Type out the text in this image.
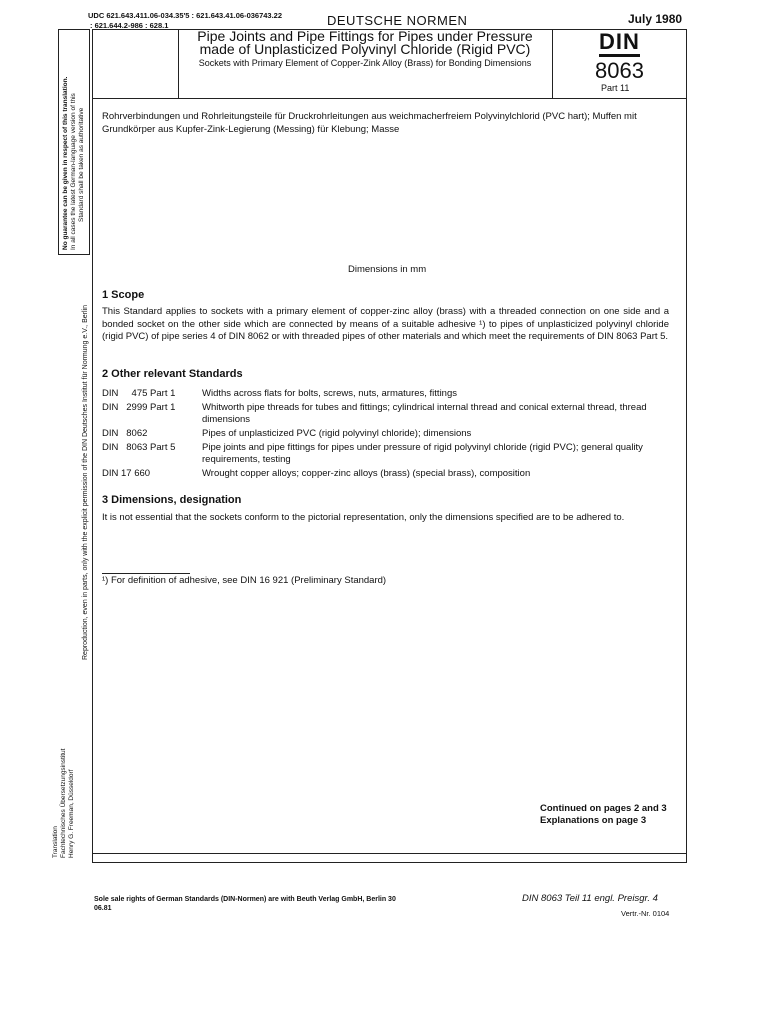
UDC 621.643.411.06-034.35'5 : 621.643.41.06-036743.22
: 621.644.2-986 : 628.1	DEUTSCHE NORMEN	July 1980
Pipe Joints and Pipe Fittings for Pipes under Pressure made of Unplasticized Polyvinyl Chloride (Rigid PVC)
Sockets with Primary Element of Copper-Zink Alloy (Brass) for Bonding Dimensions
DIN
8063
Part 11
Rohrverbindungen und Rohrleitungsteile für Druckrohrleitungen aus weichmacherfreiem Polyvinylchlorid (PVC hart); Muffen mit Grundkörper aus Kupfer-Zink-Legierung (Messing) für Klebung; Masse
Dimensions in mm
1 Scope
This Standard applies to sockets with a primary element of copper-zinc alloy (brass) with a threaded connection on one side and a bonded socket on the other side which are connected by means of a suitable adhesive ¹) to pipes of unplasticized polyvinyl chloride (rigid PVC) of pipe series 4 of DIN 8062 or with threaded pipes of other materials and which meet the requirements of DIN 8063 Part 5.
2 Other relevant Standards
DIN     475 Part 1	Widths across flats for bolts, screws, nuts, armatures, fittings
DIN   2999 Part 1	Whitworth pipe threads for tubes and fittings; cylindrical internal thread and conical external thread, thread dimensions
DIN   8062	Pipes of unplasticized PVC (rigid polyvinyl chloride); dimensions
DIN   8063 Part 5	Pipe joints and pipe fittings for pipes under pressure of rigid polyvinyl chloride (rigid PVC); general quality requirements, testing
DIN 17 660	Wrought copper alloys; copper-zinc alloys (brass) (special brass), composition
3 Dimensions, designation
It is not essential that the sockets conform to the pictorial representation, only the dimensions specified are to be adhered to.
¹) For definition of adhesive, see DIN 16 921 (Preliminary Standard)
Continued on pages 2 and 3
Explanations on page 3
Sole sale rights of German Standards (DIN-Normen) are with Beuth Verlag GmbH, Berlin 30
06.81
DIN 8063 Teil 11 engl. Preisgr. 4
Vertr.-Nr. 0104
No guarantee can be given in respect of this translation. In all cases the latest German-language version of this Standard shall be taken as authoritative
Reproduction, even in parts, only with the explicit permission of the DIN Deutsches Institut für Normung e.V., Berlin
Translation Fachtechnisches Übersetzungsinstitut Henry G. Freeman, Düsseldorf
